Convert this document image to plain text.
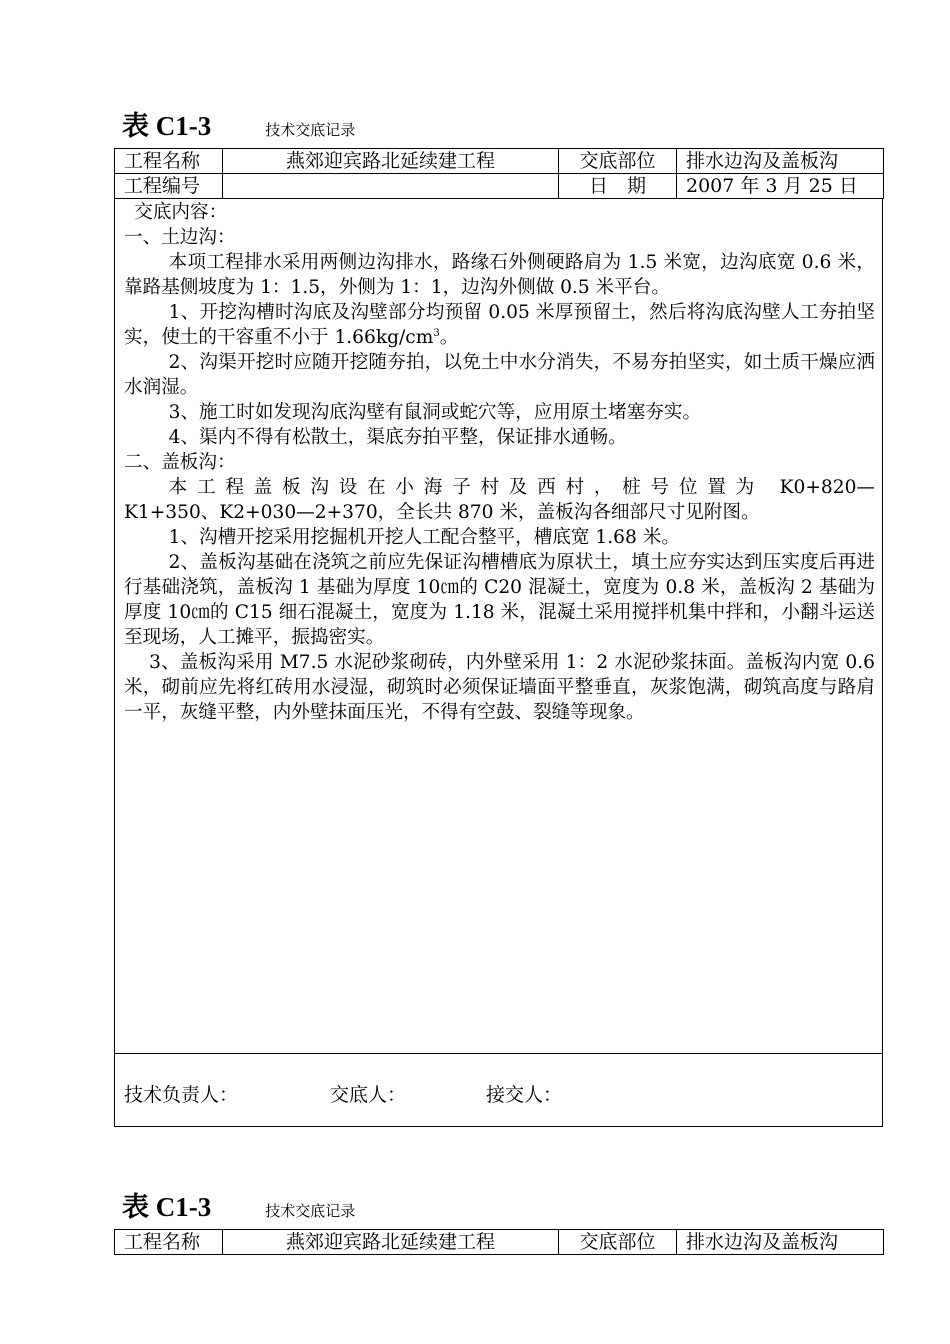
表 C1-3	技术交底记录
工程名称	燕郊迎宾路北延续建工程	交底部位	排水边沟及盖板沟
工程编号		日　期	2007 年 3 月 25 日

交底内容：

一、土边沟：

本项工程排水采用两侧边沟排水，路缘石外侧硬路肩为 1.5 米宽，边沟底宽 0.6 米，靠路基侧坡度为 1：1.5，外侧为 1：1，边沟外侧做 0.5 米平台。

1、开挖沟槽时沟底及沟壁部分均预留 0.05 米厚预留土，然后将沟底沟壁人工夯拍坚实，使土的干容重不小于 $1.66kg/cm^3$。

2、沟渠开挖时应随开挖随夯拍，以免土中水分消失，不易夯拍坚实，如土质干燥应洒水润湿。

3、施工时如发现沟底沟壁有鼠洞或蛇穴等，应用原土堵塞夯实。

4、渠内不得有松散土，渠底夯拍平整，保证排水通畅。

二、盖板沟：

本工程盖板沟设在小海子村及西村，桩号位置为 K0+820—

K1+350、K2+030—2+370，全长共 870 米，盖板沟各细部尺寸见附图。

1、沟槽开挖采用挖掘机开挖人工配合整平，槽底宽 1.68 米。

2、盖板沟基础在浇筑之前应先保证沟槽槽底为原状土，填土应夯实达到压实度后再进行基础浇筑，盖板沟 1 基础为厚度 10㎝的 C20 混凝土，宽度为 0.8 米，盖板沟 2 基础为厚度 10㎝的 C15 细石混凝土，宽度为 1.18 米，混凝土采用搅拌机集中拌和，小翻斗运送至现场，人工摊平，振捣密实。

3、盖板沟采用 M7.5 水泥砂浆砌砖，内外壁采用 1：2 水泥砂浆抹面。盖板沟内宽 0.6 米，砌前应先将红砖用水浸湿，砌筑时必须保证墙面平整垂直，灰浆饱满，砌筑高度与路肩一平，灰缝平整，内外壁抹面压光，不得有空鼓、裂缝等现象。

技术负责人：	交底人：	接交人：
表 C1-3	技术交底记录
工程名称	燕郊迎宾路北延续建工程	交底部位	排水边沟及盖板沟
